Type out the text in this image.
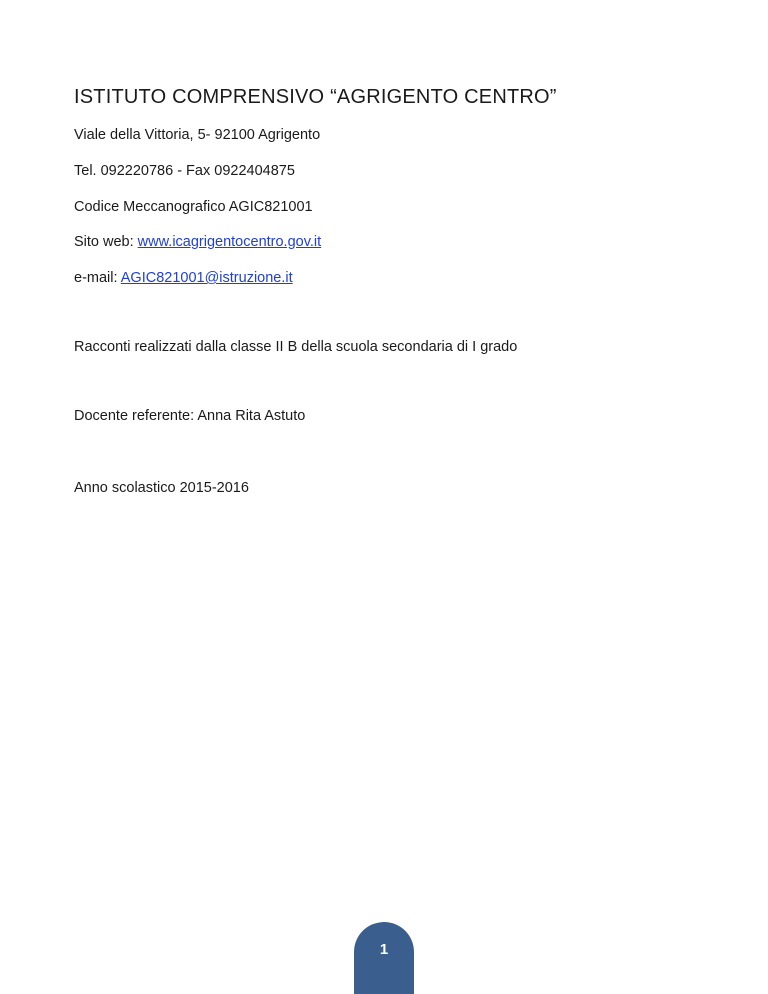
ISTITUTO COMPRENSIVO “AGRIGENTO CENTRO”
Viale della Vittoria, 5- 92100 Agrigento
Tel. 092220786 - Fax 0922404875
Codice Meccanografico AGIC821001
Sito web: www.icagrigentocentro.gov.it
e-mail: AGIC821001@istruzione.it
Racconti realizzati dalla classe II B della scuola secondaria di I grado
Docente referente: Anna Rita Astuto
Anno scolastico 2015-2016
1
